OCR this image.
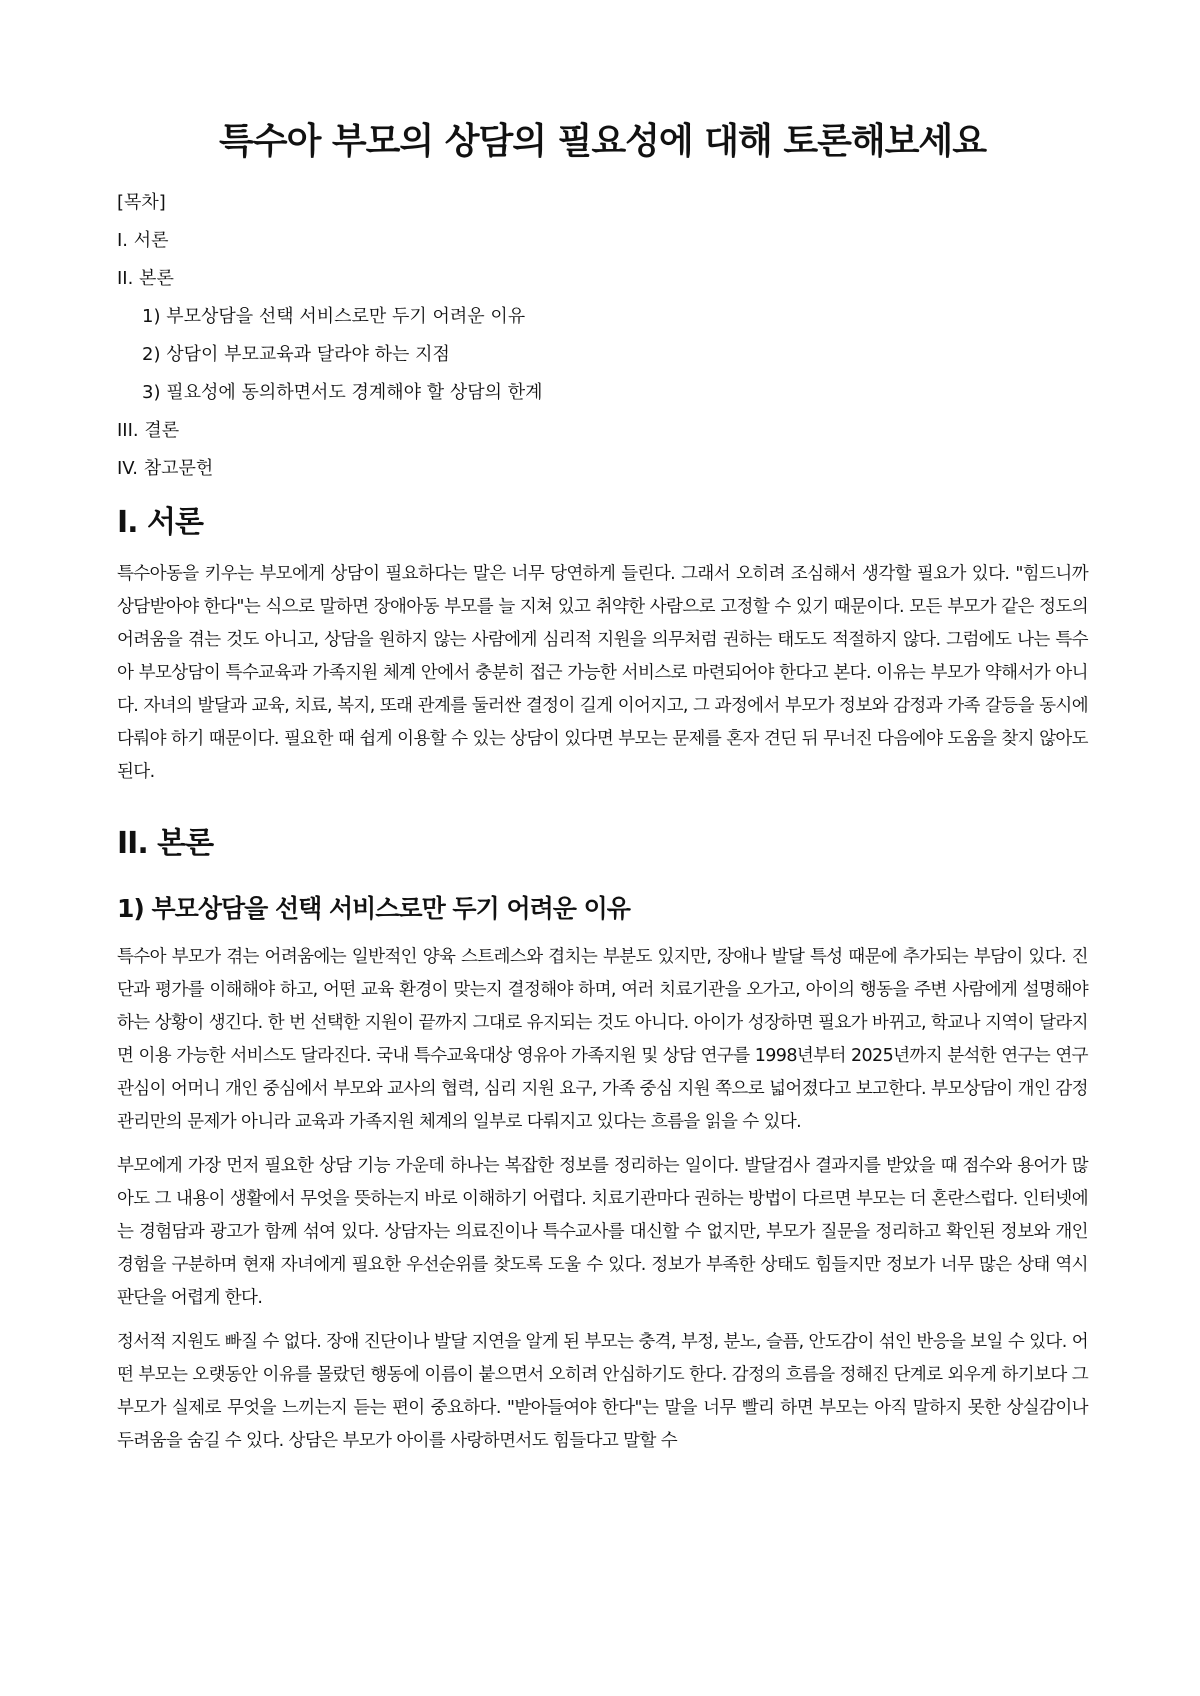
특수아 부모의 상담의 필요성에 대해 토론해보세요
[목차]
I. 서론
II. 본론
1) 부모상담을 선택 서비스로만 두기 어려운 이유
2) 상담이 부모교육과 달라야 하는 지점
3) 필요성에 동의하면서도 경계해야 할 상담의 한계
III. 결론
IV. 참고문헌
I. 서론

특수아동을 키우는 부모에게 상담이 필요하다는 말은 너무 당연하게 들린다. 그래서 오히려 조심해서 생각할 필요가 있다. "힘드니까 상담받아야 한다"는 식으로 말하면 장애아동 부모를 늘 지쳐 있고 취약한 사람으로 고정할 수 있기 때문이다. 모든 부모가 같은 정도의 어려움을 겪는 것도 아니고, 상담을 원하지 않는 사람에게 심리적 지원을 의무처럼 권하는 태도도 적절하지 않다. 그럼에도 나는 특수아 부모상담이 특수교육과 가족지원 체계 안에서 충분히 접근 가능한 서비스로 마련되어야 한다고 본다. 이유는 부모가 약해서가 아니다. 자녀의 발달과 교육, 치료, 복지, 또래 관계를 둘러싼 결정이 길게 이어지고, 그 과정에서 부모가 정보와 감정과 가족 갈등을 동시에 다뤄야 하기 때문이다. 필요한 때 쉽게 이용할 수 있는 상담이 있다면 부모는 문제를 혼자 견딘 뒤 무너진 다음에야 도움을 찾지 않아도 된다.

II. 본론
1) 부모상담을 선택 서비스로만 두기 어려운 이유

특수아 부모가 겪는 어려움에는 일반적인 양육 스트레스와 겹치는 부분도 있지만, 장애나 발달 특성 때문에 추가되는 부담이 있다. 진단과 평가를 이해해야 하고, 어떤 교육 환경이 맞는지 결정해야 하며, 여러 치료기관을 오가고, 아이의 행동을 주변 사람에게 설명해야 하는 상황이 생긴다. 한 번 선택한 지원이 끝까지 그대로 유지되는 것도 아니다. 아이가 성장하면 필요가 바뀌고, 학교나 지역이 달라지면 이용 가능한 서비스도 달라진다. 국내 특수교육대상 영유아 가족지원 및 상담 연구를 1998년부터 2025년까지 분석한 연구는 연구 관심이 어머니 개인 중심에서 부모와 교사의 협력, 심리 지원 요구, 가족 중심 지원 쪽으로 넓어졌다고 보고한다. 부모상담이 개인 감정 관리만의 문제가 아니라 교육과 가족지원 체계의 일부로 다뤄지고 있다는 흐름을 읽을 수 있다.

부모에게 가장 먼저 필요한 상담 기능 가운데 하나는 복잡한 정보를 정리하는 일이다. 발달검사 결과지를 받았을 때 점수와 용어가 많아도 그 내용이 생활에서 무엇을 뜻하는지 바로 이해하기 어렵다. 치료기관마다 권하는 방법이 다르면 부모는 더 혼란스럽다. 인터넷에는 경험담과 광고가 함께 섞여 있다. 상담자는 의료진이나 특수교사를 대신할 수 없지만, 부모가 질문을 정리하고 확인된 정보와 개인 경험을 구분하며 현재 자녀에게 필요한 우선순위를 찾도록 도울 수 있다. 정보가 부족한 상태도 힘들지만 정보가 너무 많은 상태 역시 판단을 어렵게 한다.

정서적 지원도 빠질 수 없다. 장애 진단이나 발달 지연을 알게 된 부모는 충격, 부정, 분노, 슬픔, 안도감이 섞인 반응을 보일 수 있다. 어떤 부모는 오랫동안 이유를 몰랐던 행동에 이름이 붙으면서 오히려 안심하기도 한다. 감정의 흐름을 정해진 단계로 외우게 하기보다 그 부모가 실제로 무엇을 느끼는지 듣는 편이 중요하다. "받아들여야 한다"는 말을 너무 빨리 하면 부모는 아직 말하지 못한 상실감이나 두려움을 숨길 수 있다. 상담은 부모가 아이를 사랑하면서도 힘들다고 말할 수
